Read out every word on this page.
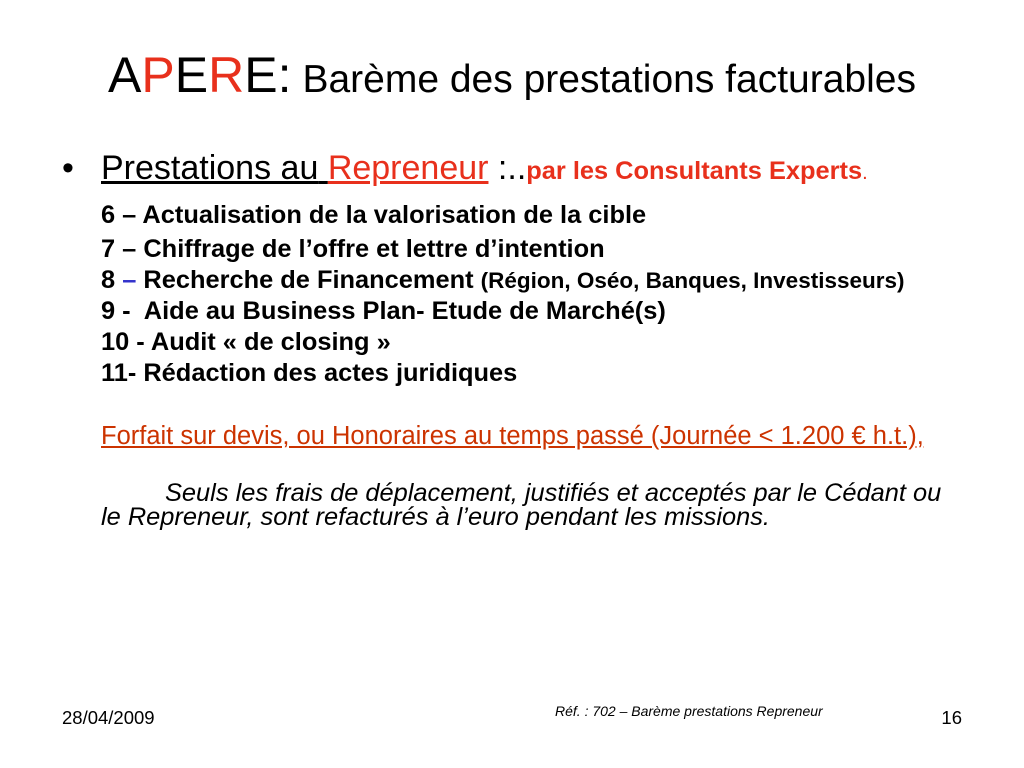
APERE: Barème des prestations facturables
• Prestations au Repreneur :..par les Consultants Experts.
6 – Actualisation de la valorisation de la cible
7 – Chiffrage de l’offre et lettre d’intention
8 – Recherche de Financement (Région, Oséo, Banques, Investisseurs)
9 -  Aide au Business Plan- Etude de Marché(s)
10 - Audit « de closing »
11- Rédaction des actes juridiques
Forfait sur devis, ou Honoraires au temps passé (Journée < 1.200 € h.t.),
Seuls les frais de déplacement, justifiés et acceptés par le Cédant ou le Repreneur, sont refacturés à l’euro pendant les missions.
28/04/2009	Réf. : 702 – Barème prestations Repreneur	16
